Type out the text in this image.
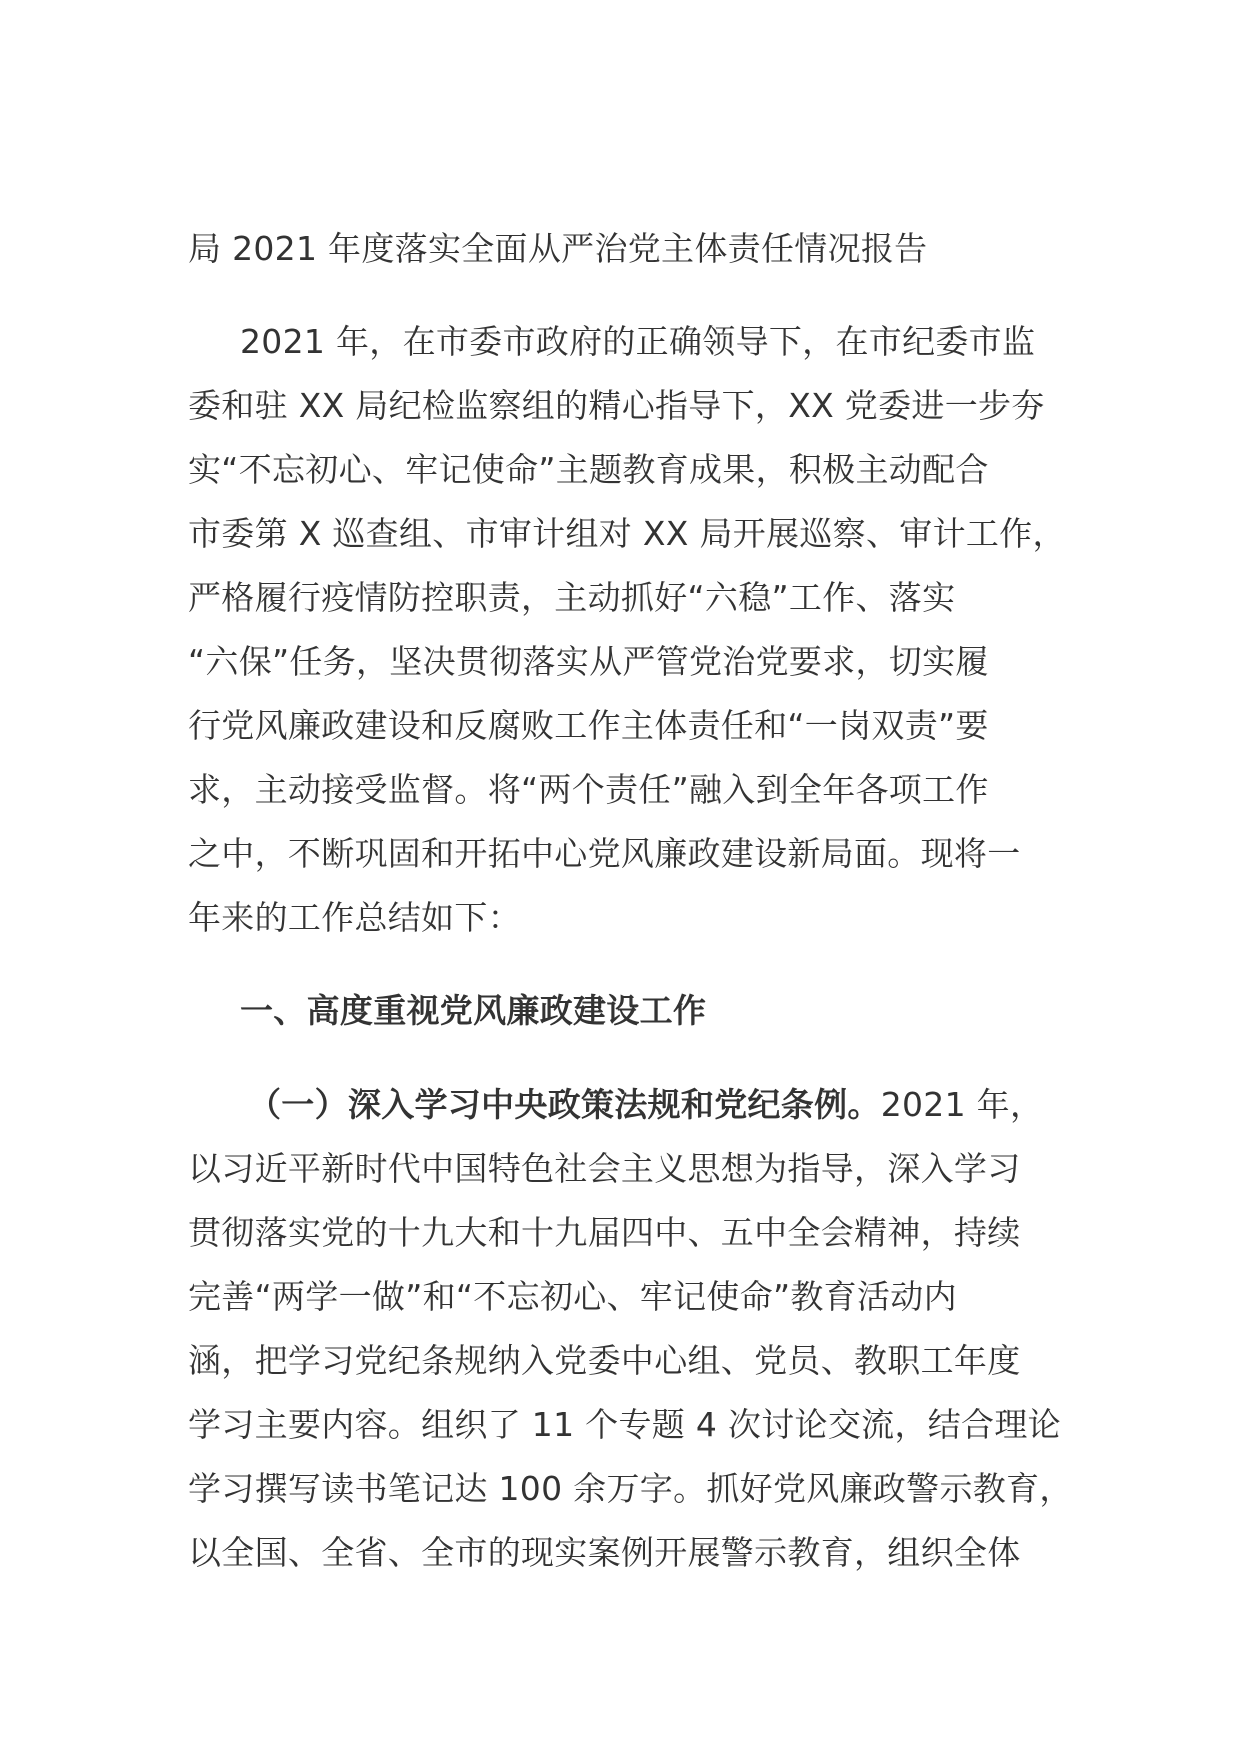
局 2021 年度落实全面从严治党主体责任情况报告
2021 年，在市委市政府的正确领导下，在市纪委市监
委和驻 XX 局纪检监察组的精心指导下，XX 党委进一步夯
实“不忘初心、牢记使命”主题教育成果，积极主动配合
市委第 X 巡查组、市审计组对 XX 局开展巡察、审计工作，
严格履行疫情防控职责，主动抓好“六稳”工作、落实
“六保”任务，坚决贯彻落实从严管党治党要求，切实履
行党风廉政建设和反腐败工作主体责任和“一岗双责”要
求，主动接受监督。将“两个责任”融入到全年各项工作
之中，不断巩固和开拓中心党风廉政建设新局面。现将一
年来的工作总结如下：
一、高度重视党风廉政建设工作
（一）深入学习中央政策法规和党纪条例。2021 年，
以习近平新时代中国特色社会主义思想为指导，深入学习
贯彻落实党的十九大和十九届四中、五中全会精神，持续
完善“两学一做”和“不忘初心、牢记使命”教育活动内
涵，把学习党纪条规纳入党委中心组、党员、教职工年度
学习主要内容。组织了 11 个专题 4 次讨论交流，结合理论
学习撰写读书笔记达 100 余万字。抓好党风廉政警示教育，
以全国、全省、全市的现实案例开展警示教育，组织全体
